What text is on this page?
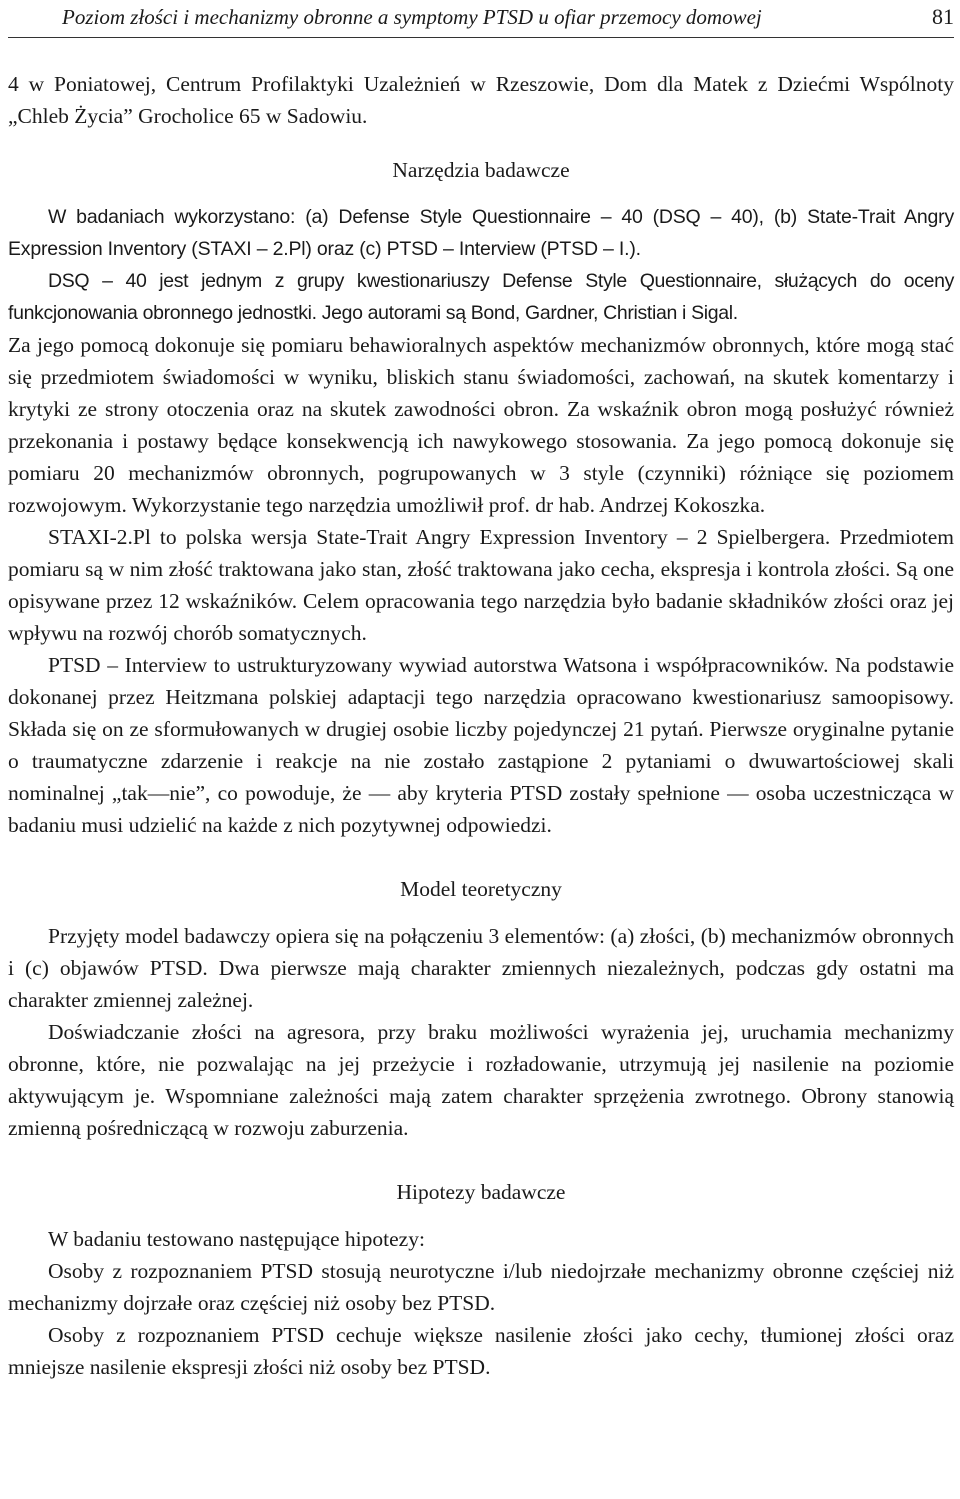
Poziom złości i mechanizmy obronne a symptomy PTSD u ofiar przemocy domowej	81

4 w Poniatowej, Centrum Profilaktyki Uzależnień w Rzeszowie, Dom dla Matek z Dziećmi Wspólnoty „Chleb Życia” Grocholice 65 w Sadowiu.

Narzędzia badawcze

W badaniach wykorzystano: (a) Defense Style Questionnaire – 40 (DSQ – 40), (b) State-Trait Angry Expression Inventory (STAXI – 2.Pl) oraz (c) PTSD – Interview (PTSD – I.).

DSQ – 40 jest jednym z grupy kwestionariuszy Defense Style Questionnaire, służących do oceny funkcjonowania obronnego jednostki. Jego autorami są Bond, Gardner, Christian i Sigal.

Za jego pomocą dokonuje się pomiaru behawioralnych aspektów mechanizmów obronnych, które mogą stać się przedmiotem świadomości w wyniku, bliskich stanu świadomości, zachowań, na skutek komentarzy i krytyki ze strony otoczenia oraz na skutek zawodności obron. Za wskaźnik obron mogą posłużyć również przekonania i postawy będące konsekwencją ich nawykowego stosowania. Za jego pomocą dokonuje się pomiaru 20 mechanizmów obronnych, pogrupowanych w 3 style (czynniki) różniące się poziomem rozwojowym. Wykorzystanie tego narzędzia umożliwił prof. dr hab. Andrzej Kokoszka.

STAXI-2.Pl to polska wersja State-Trait Angry Expression Inventory – 2 Spielbergera. Przedmiotem pomiaru są w nim złość traktowana jako stan, złość traktowana jako cecha, ekspresja i kontrola złości. Są one opisywane przez 12 wskaźników. Celem opracowania tego narzędzia było badanie składników złości oraz jej wpływu na rozwój chorób somatycznych.

PTSD – Interview to ustrukturyzowany wywiad autorstwa Watsona i współpracowników. Na podstawie dokonanej przez Heitzmana polskiej adaptacji tego narzędzia opracowano kwestionariusz samoopisowy. Składa się on ze sformułowanych w drugiej osobie liczby pojedynczej 21 pytań. Pierwsze oryginalne pytanie o traumatyczne zdarzenie i reakcje na nie zostało zastąpione 2 pytaniami o dwuwartościowej skali nominalnej „tak—nie”, co powoduje, że — aby kryteria PTSD zostały spełnione — osoba uczestnicząca w badaniu musi udzielić na każde z nich pozytywnej odpowiedzi.

Model teoretyczny

Przyjęty model badawczy opiera się na połączeniu 3 elementów: (a) złości, (b) mechanizmów obronnych i (c) objawów PTSD. Dwa pierwsze mają charakter zmiennych niezależnych, podczas gdy ostatni ma charakter zmiennej zależnej.

Doświadczanie złości na agresora, przy braku możliwości wyrażenia jej, uruchamia mechanizmy obronne, które, nie pozwalając na jej przeżycie i rozładowanie, utrzymują jej nasilenie na poziomie aktywującym je. Wspomniane zależności mają zatem charakter sprzężenia zwrotnego. Obrony stanowią zmienną pośredniczącą w rozwoju zaburzenia.

Hipotezy badawcze

W badaniu testowano następujące hipotezy:

Osoby z rozpoznaniem PTSD stosują neurotyczne i/lub niedojrzałe mechanizmy obronne częściej niż mechanizmy dojrzałe oraz częściej niż osoby bez PTSD.

Osoby z rozpoznaniem PTSD cechuje większe nasilenie złości jako cechy, tłumionej złości oraz mniejsze nasilenie ekspresji złości niż osoby bez PTSD.
